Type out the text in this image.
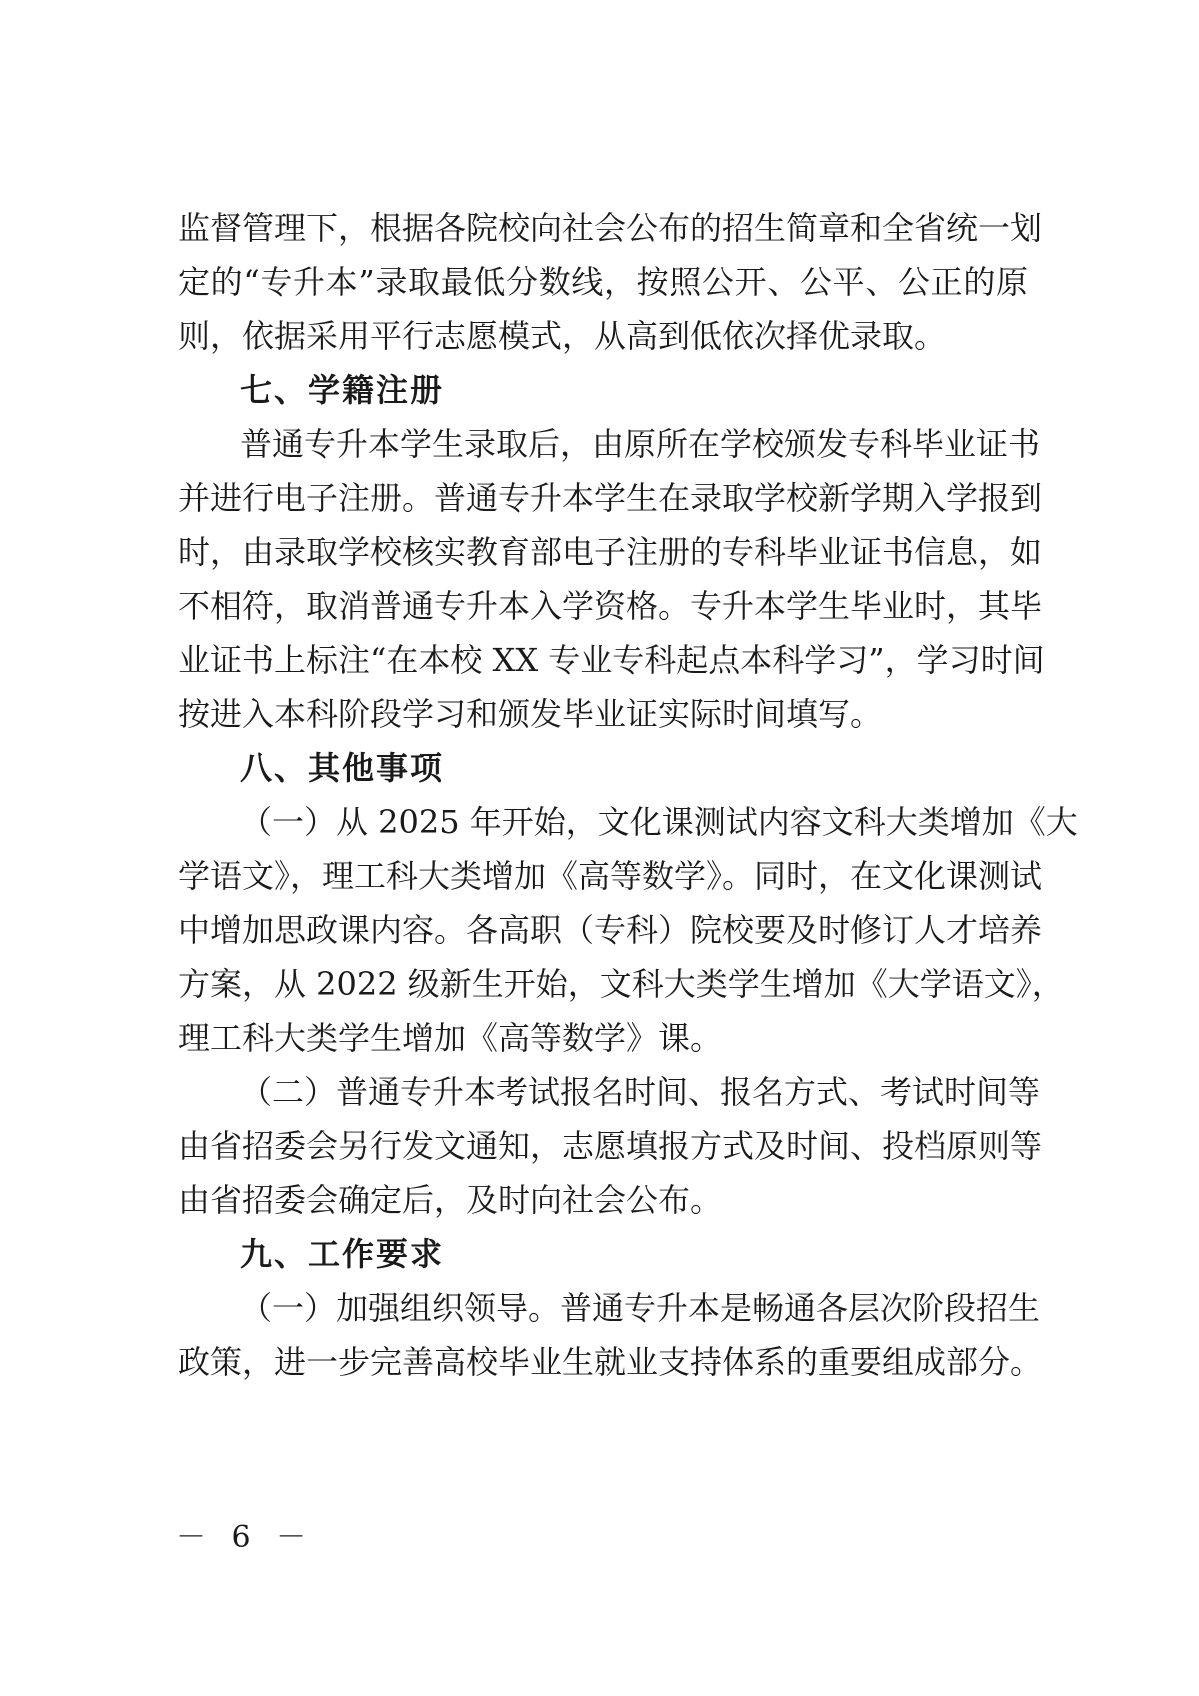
监督管理下，根据各院校向社会公布的招生简章和全省统一划
定的“专升本”录取最低分数线，按照公开、公平、公正的原
则，依据采用平行志愿模式，从高到低依次择优录取。
七、学籍注册
普通专升本学生录取后，由原所在学校颁发专科毕业证书
并进行电子注册。普通专升本学生在录取学校新学期入学报到
时，由录取学校核实教育部电子注册的专科毕业证书信息，如
不相符，取消普通专升本入学资格。专升本学生毕业时，其毕
业证书上标注“在本校 XX 专业专科起点本科学习”，学习时间
按进入本科阶段学习和颁发毕业证实际时间填写。
八、其他事项
（一）从 2025 年开始，文化课测试内容文科大类增加《大
学语文》，理工科大类增加《高等数学》。同时，在文化课测试
中增加思政课内容。各高职（专科）院校要及时修订人才培养
方案，从 2022 级新生开始，文科大类学生增加《大学语文》，
理工科大类学生增加《高等数学》课。
（二）普通专升本考试报名时间、报名方式、考试时间等
由省招委会另行发文通知，志愿填报方式及时间、投档原则等
由省招委会确定后，及时向社会公布。
九、工作要求
（一）加强组织领导。普通专升本是畅通各层次阶段招生
政策，进一步完善高校毕业生就业支持体系的重要组成部分。
－ 6 －
